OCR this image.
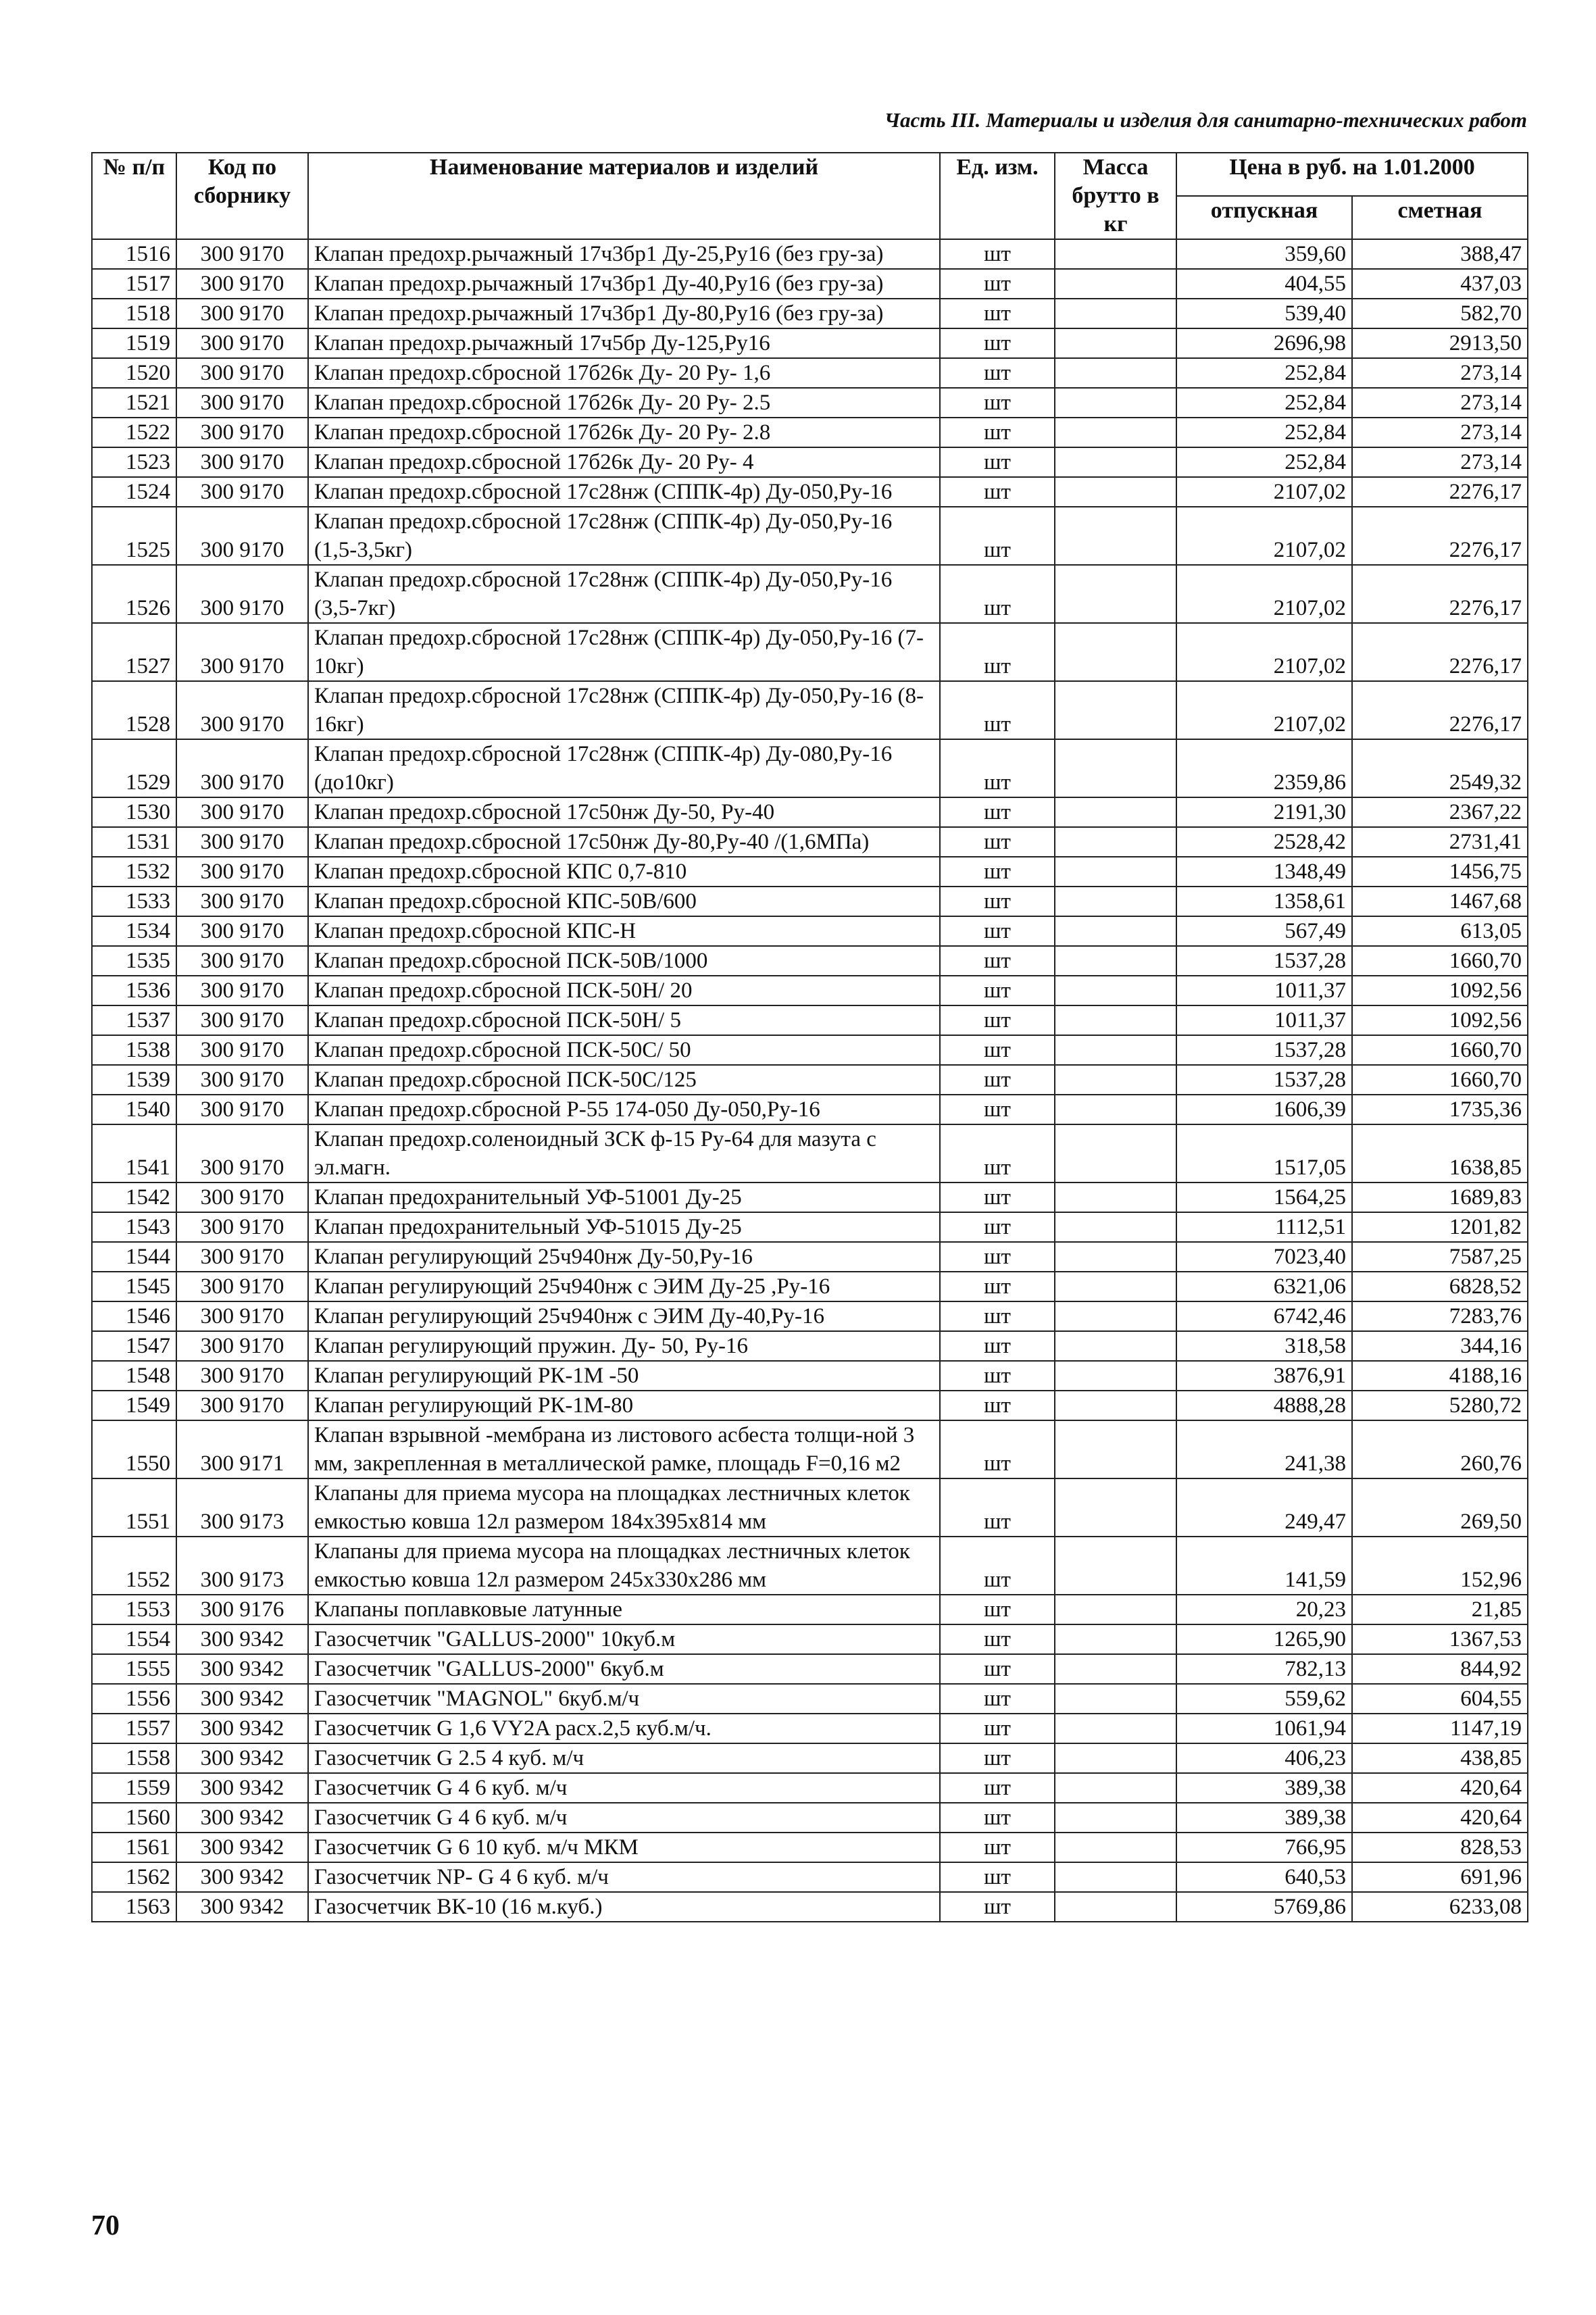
Часть III. Материалы и изделия для санитарно-технических работ
№ п/п	Код по сборнику	Наименование материалов и изделий	Ед. изм.	Масса брутто в кг	Цена в руб. на 1.01.2000	
					отпускная	сметная
1516	300 9170	Клапан предохр.рычажный 17ч3бр1 Ду-25,Ру16 (без гру-за)	шт		359,60	388,47
1517	300 9170	Клапан предохр.рычажный 17ч3бр1 Ду-40,Ру16 (без гру-за)	шт		404,55	437,03
1518	300 9170	Клапан предохр.рычажный 17ч3бр1 Ду-80,Ру16 (без гру-за)	шт		539,40	582,70
1519	300 9170	Клапан предохр.рычажный 17ч5бр Ду-125,Ру16	шт		2696,98	2913,50
1520	300 9170	Клапан предохр.сбросной 17б26к Ду- 20 Ру- 1,6	шт		252,84	273,14
1521	300 9170	Клапан предохр.сбросной 17б26к Ду- 20 Ру- 2.5	шт		252,84	273,14
1522	300 9170	Клапан предохр.сбросной 17б26к Ду- 20 Ру- 2.8	шт		252,84	273,14
1523	300 9170	Клапан предохр.сбросной 17б26к Ду- 20 Ру- 4	шт		252,84	273,14
1524	300 9170	Клапан предохр.сбросной 17с28нж (СППК-4р) Ду-050,Ру-16	шт		2107,02	2276,17
1525	300 9170	Клапан предохр.сбросной 17с28нж (СППК-4р) Ду-050,Ру-16 (1,5-3,5кг)	шт		2107,02	2276,17
1526	300 9170	Клапан предохр.сбросной 17с28нж (СППК-4р) Ду-050,Ру-16 (3,5-7кг)	шт		2107,02	2276,17
1527	300 9170	Клапан предохр.сбросной 17с28нж (СППК-4р) Ду-050,Ру-16 (7-10кг)	шт		2107,02	2276,17
1528	300 9170	Клапан предохр.сбросной 17с28нж (СППК-4р) Ду-050,Ру-16 (8-16кг)	шт		2107,02	2276,17
1529	300 9170	Клапан предохр.сбросной 17с28нж (СППК-4р) Ду-080,Ру-16 (до10кг)	шт		2359,86	2549,32
1530	300 9170	Клапан предохр.сбросной 17с50нж Ду-50, Ру-40	шт		2191,30	2367,22
1531	300 9170	Клапан предохр.сбросной 17с50нж Ду-80,Ру-40 /(1,6МПа)	шт		2528,42	2731,41
1532	300 9170	Клапан предохр.сбросной КПС 0,7-810	шт		1348,49	1456,75
1533	300 9170	Клапан предохр.сбросной КПС-50В/600	шт		1358,61	1467,68
1534	300 9170	Клапан предохр.сбросной КПС-Н	шт		567,49	613,05
1535	300 9170	Клапан предохр.сбросной ПСК-50В/1000	шт		1537,28	1660,70
1536	300 9170	Клапан предохр.сбросной ПСК-50Н/ 20	шт		1011,37	1092,56
1537	300 9170	Клапан предохр.сбросной ПСК-50Н/ 5	шт		1011,37	1092,56
1538	300 9170	Клапан предохр.сбросной ПСК-50С/ 50	шт		1537,28	1660,70
1539	300 9170	Клапан предохр.сбросной ПСК-50С/125	шт		1537,28	1660,70
1540	300 9170	Клапан предохр.сбросной Р-55 174-050 Ду-050,Ру-16	шт		1606,39	1735,36
1541	300 9170	Клапан предохр.соленоидный ЗСК ф-15 Ру-64 для мазута с эл.магн.	шт		1517,05	1638,85
1542	300 9170	Клапан предохранительный УФ-51001 Ду-25	шт		1564,25	1689,83
1543	300 9170	Клапан предохранительный УФ-51015 Ду-25	шт		1112,51	1201,82
1544	300 9170	Клапан регулирующий 25ч940нж Ду-50,Ру-16	шт		7023,40	7587,25
1545	300 9170	Клапан регулирующий 25ч940нж с ЭИМ Ду-25 ,Ру-16	шт		6321,06	6828,52
1546	300 9170	Клапан регулирующий 25ч940нж с ЭИМ Ду-40,Ру-16	шт		6742,46	7283,76
1547	300 9170	Клапан регулирующий пружин. Ду- 50, Ру-16	шт		318,58	344,16
1548	300 9170	Клапан регулирующий РК-1М -50	шт		3876,91	4188,16
1549	300 9170	Клапан регулирующий РК-1М-80	шт		4888,28	5280,72
1550	300 9171	Клапан взрывной -мембрана из листового асбеста толщи-ной 3 мм, закрепленная в металлической рамке, площадь F=0,16 м2	шт		241,38	260,76
1551	300 9173	Клапаны для приема мусора на площадках лестничных клеток емкостью ковша 12л размером 184х395х814 мм	шт		249,47	269,50
1552	300 9173	Клапаны для приема мусора на площадках лестничных клеток емкостью ковша 12л размером 245х330х286 мм	шт		141,59	152,96
1553	300 9176	Клапаны поплавковые латунные	шт		20,23	21,85
1554	300 9342	Газосчетчик "GALLUS-2000" 10куб.м	шт		1265,90	1367,53
1555	300 9342	Газосчетчик "GALLUS-2000" 6куб.м	шт		782,13	844,92
1556	300 9342	Газосчетчик "MAGNOL" 6куб.м/ч	шт		559,62	604,55
1557	300 9342	Газосчетчик G 1,6 VY2A расх.2,5 куб.м/ч.	шт		1061,94	1147,19
1558	300 9342	Газосчетчик G 2.5 4 куб. м/ч	шт		406,23	438,85
1559	300 9342	Газосчетчик G 4 6 куб. м/ч	шт		389,38	420,64
1560	300 9342	Газосчетчик G 4 6 куб. м/ч	шт		389,38	420,64
1561	300 9342	Газосчетчик G 6 10 куб. м/ч МКМ	шт		766,95	828,53
1562	300 9342	Газосчетчик NP- G 4 6 куб. м/ч	шт		640,53	691,96
1563	300 9342	Газосчетчик ВК-10 (16 м.куб.)	шт		5769,86	6233,08
70
